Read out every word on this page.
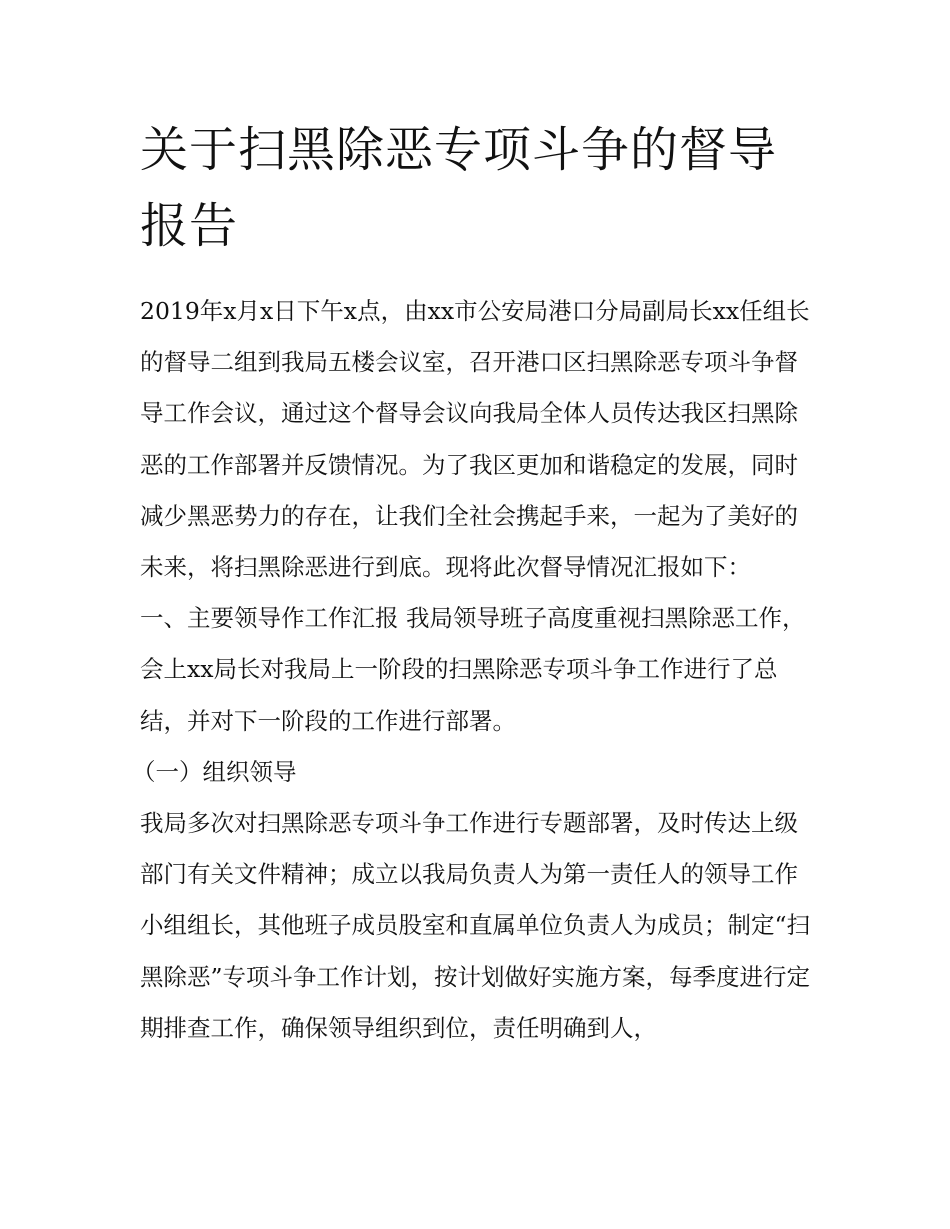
关于扫黑除恶专项斗争的督导报告

2019年x月x日下午x点，由xx市公安局港口分局副局长xx任组长的督导二组到我局五楼会议室，召开港口区扫黑除恶专项斗争督导工作会议，通过这个督导会议向我局全体人员传达我区扫黑除恶的工作部署并反馈情况。为了我区更加和谐稳定的发展，同时减少黑恶势力的存在，让我们全社会携起手来，一起为了美好的未来，将扫黑除恶进行到底。现将此次督导情况汇报如下：

一、主要领导作工作汇报 我局领导班子高度重视扫黑除恶工作，会上xx局长对我局上一阶段的扫黑除恶专项斗争工作进行了总结，并对下一阶段的工作进行部署。

（一）组织领导

我局多次对扫黑除恶专项斗争工作进行专题部署，及时传达上级部门有关文件精神；成立以我局负责人为第一责任人的领导工作小组组长，其他班子成员股室和直属单位负责人为成员；制定“扫黑除恶”专项斗争工作计划，按计划做好实施方案，每季度进行定期排查工作，确保领导组织到位，责任明确到人，
